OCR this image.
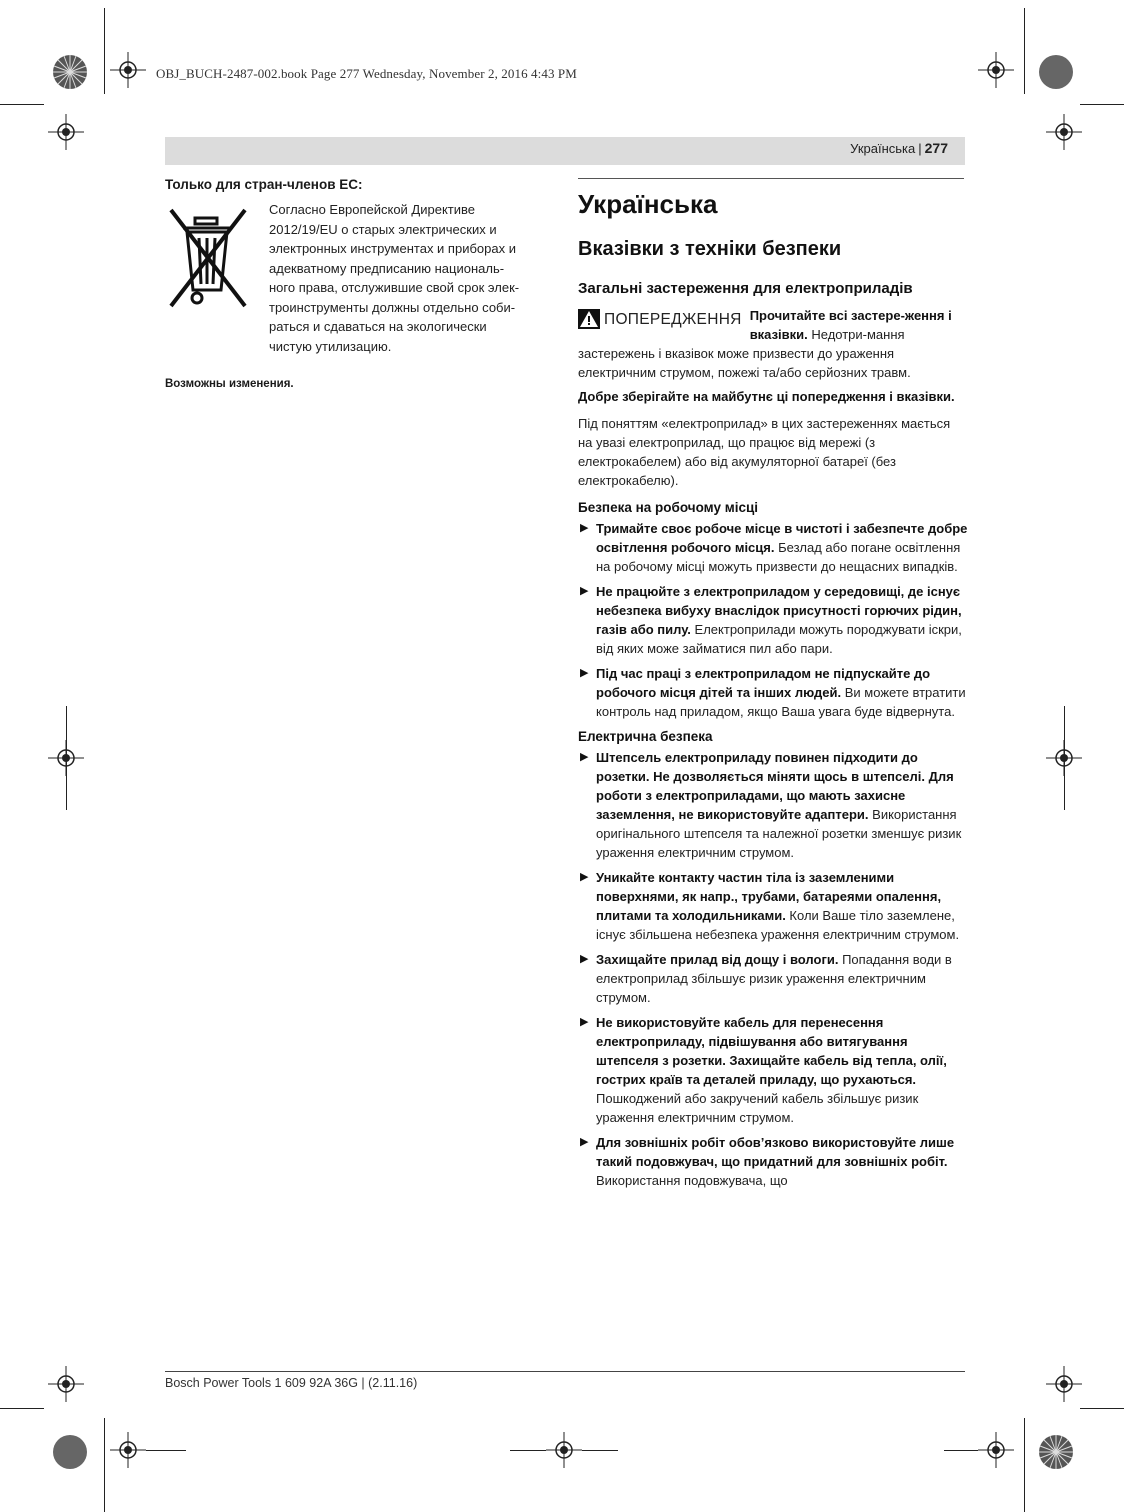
OBJ_BUCH-2487-002.book Page 277 Wednesday, November 2, 2016 4:43 PM
Українська | 277
Только для стран-членов ЕС:
Согласно Европейской Директиве
2012/19/EU о старых электрических и
электронных инструментах и приборах и
адекватному предписанию националь-
ного права, отслужившие свой срок элек-
троинструменты должны отдельно соби-
раться и сдаваться на экологически
чистую утилизацию.
Возможны изменения.
Українська
Вказівки з техніки безпеки
Загальні застереження для електроприладів
ПОПЕРЕДЖЕННЯ Прочитайте всі застере-ження і вказівки. Недотри-мання застережень і вказівок може призвести до ураження електричним струмом, пожежі та/або серйозних травм.
Добре зберігайте на майбутнє ці попередження і вказівки.
Під поняттям «електроприлад» в цих застереженнях мається на увазі електроприлад, що працює від мережі (з електрокабелем) або від акумуляторної батареї (без електрокабелю).
Безпека на робочому місці
▶ Тримайте своє робоче місце в чистоті і забезпечте добре освітлення робочого місця. Безлад або погане освітлення на робочому місці можуть призвести до нещасних випадків.
▶ Не працюйте з електроприладом у середовищі, де існує небезпека вибуху внаслідок присутності горючих рідин, газів або пилу. Електроприлади можуть породжувати іскри, від яких може займатися пил або пари.
▶ Під час праці з електроприладом не підпускайте до робочого місця дітей та інших людей. Ви можете втратити контроль над приладом, якщо Ваша увага буде відвернута.
Електрична безпека
▶ Штепсель електроприладу повинен підходити до розетки. Не дозволяється міняти щось в штепселі. Для роботи з електроприладами, що мають захисне заземлення, не використовуйте адаптери. Використання оригінального штепселя та належної розетки зменшує ризик ураження електричним струмом.
▶ Уникайте контакту частин тіла із заземленими поверхнями, як напр., трубами, батареями опалення, плитами та холодильниками. Коли Ваше тіло заземлене, існує збільшена небезпека ураження електричним струмом.
▶ Захищайте прилад від дощу і вологи. Попадання води в електроприлад збільшує ризик ураження електричним струмом.
▶ Не використовуйте кабель для перенесення електроприладу, підвішування або витягування штепселя з розетки. Захищайте кабель від тепла, олії, гострих країв та деталей приладу, що рухаються. Пошкоджений або закручений кабель збільшує ризик ураження електричним струмом.
▶ Для зовнішніх робіт обов’язково використовуйте лише такий подовжувач, що придатний для зовнішніх робіт. Використання подовжувача, що
Bosch Power Tools 1 609 92A 36G | (2.11.16)
